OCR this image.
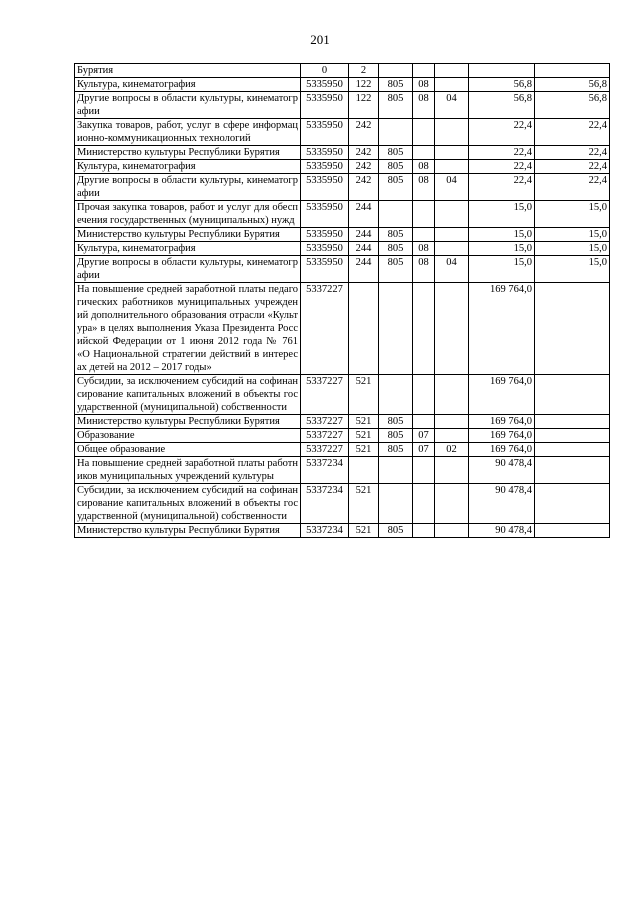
201
Бурятия	0	2					
Культура, кинематография	5335950	122	805	08		56,8	56,8
Другие вопросы в области культуры, кинематографии	5335950	122	805	08	04	56,8	56,8
Закупка товаров, работ, услуг в сфере информационно-коммуникационных технологий	5335950	242				22,4	22,4
Министерство культуры Республики Бурятия	5335950	242	805			22,4	22,4
Культура, кинематография	5335950	242	805	08		22,4	22,4
Другие вопросы в области культуры, кинематографии	5335950	242	805	08	04	22,4	22,4
Прочая закупка товаров, работ и услуг для обеспечения государственных (муниципальных) нужд	5335950	244				15,0	15,0
Министерство культуры Республики Бурятия	5335950	244	805			15,0	15,0
Культура, кинематография	5335950	244	805	08		15,0	15,0
Другие вопросы в области культуры, кинематографии	5335950	244	805	08	04	15,0	15,0
На повышение средней заработной платы педагогических работников муниципальных учреждений дополнительного образования отрасли «Культура» в целях выполнения Указа Президента Российской Федерации от 1 июня 2012 года № 761 «О Национальной стратегии действий в интересах детей на 2012 – 2017 годы»	5337227					169 764,0	
Субсидии, за исключением субсидий на софинансирование капитальных вложений в объекты государственной (муниципальной) собственности	5337227	521				169 764,0	
Министерство культуры Республики Бурятия	5337227	521	805			169 764,0	
Образование	5337227	521	805	07		169 764,0	
Общее образование	5337227	521	805	07	02	169 764,0	
На повышение средней заработной платы работников муниципальных учреждений культуры	5337234					90 478,4	
Субсидии, за исключением субсидий на софинансирование капитальных вложений в объекты государственной (муниципальной) собственности	5337234	521				90 478,4	
Министерство культуры Республики Бурятия	5337234	521	805			90 478,4	
